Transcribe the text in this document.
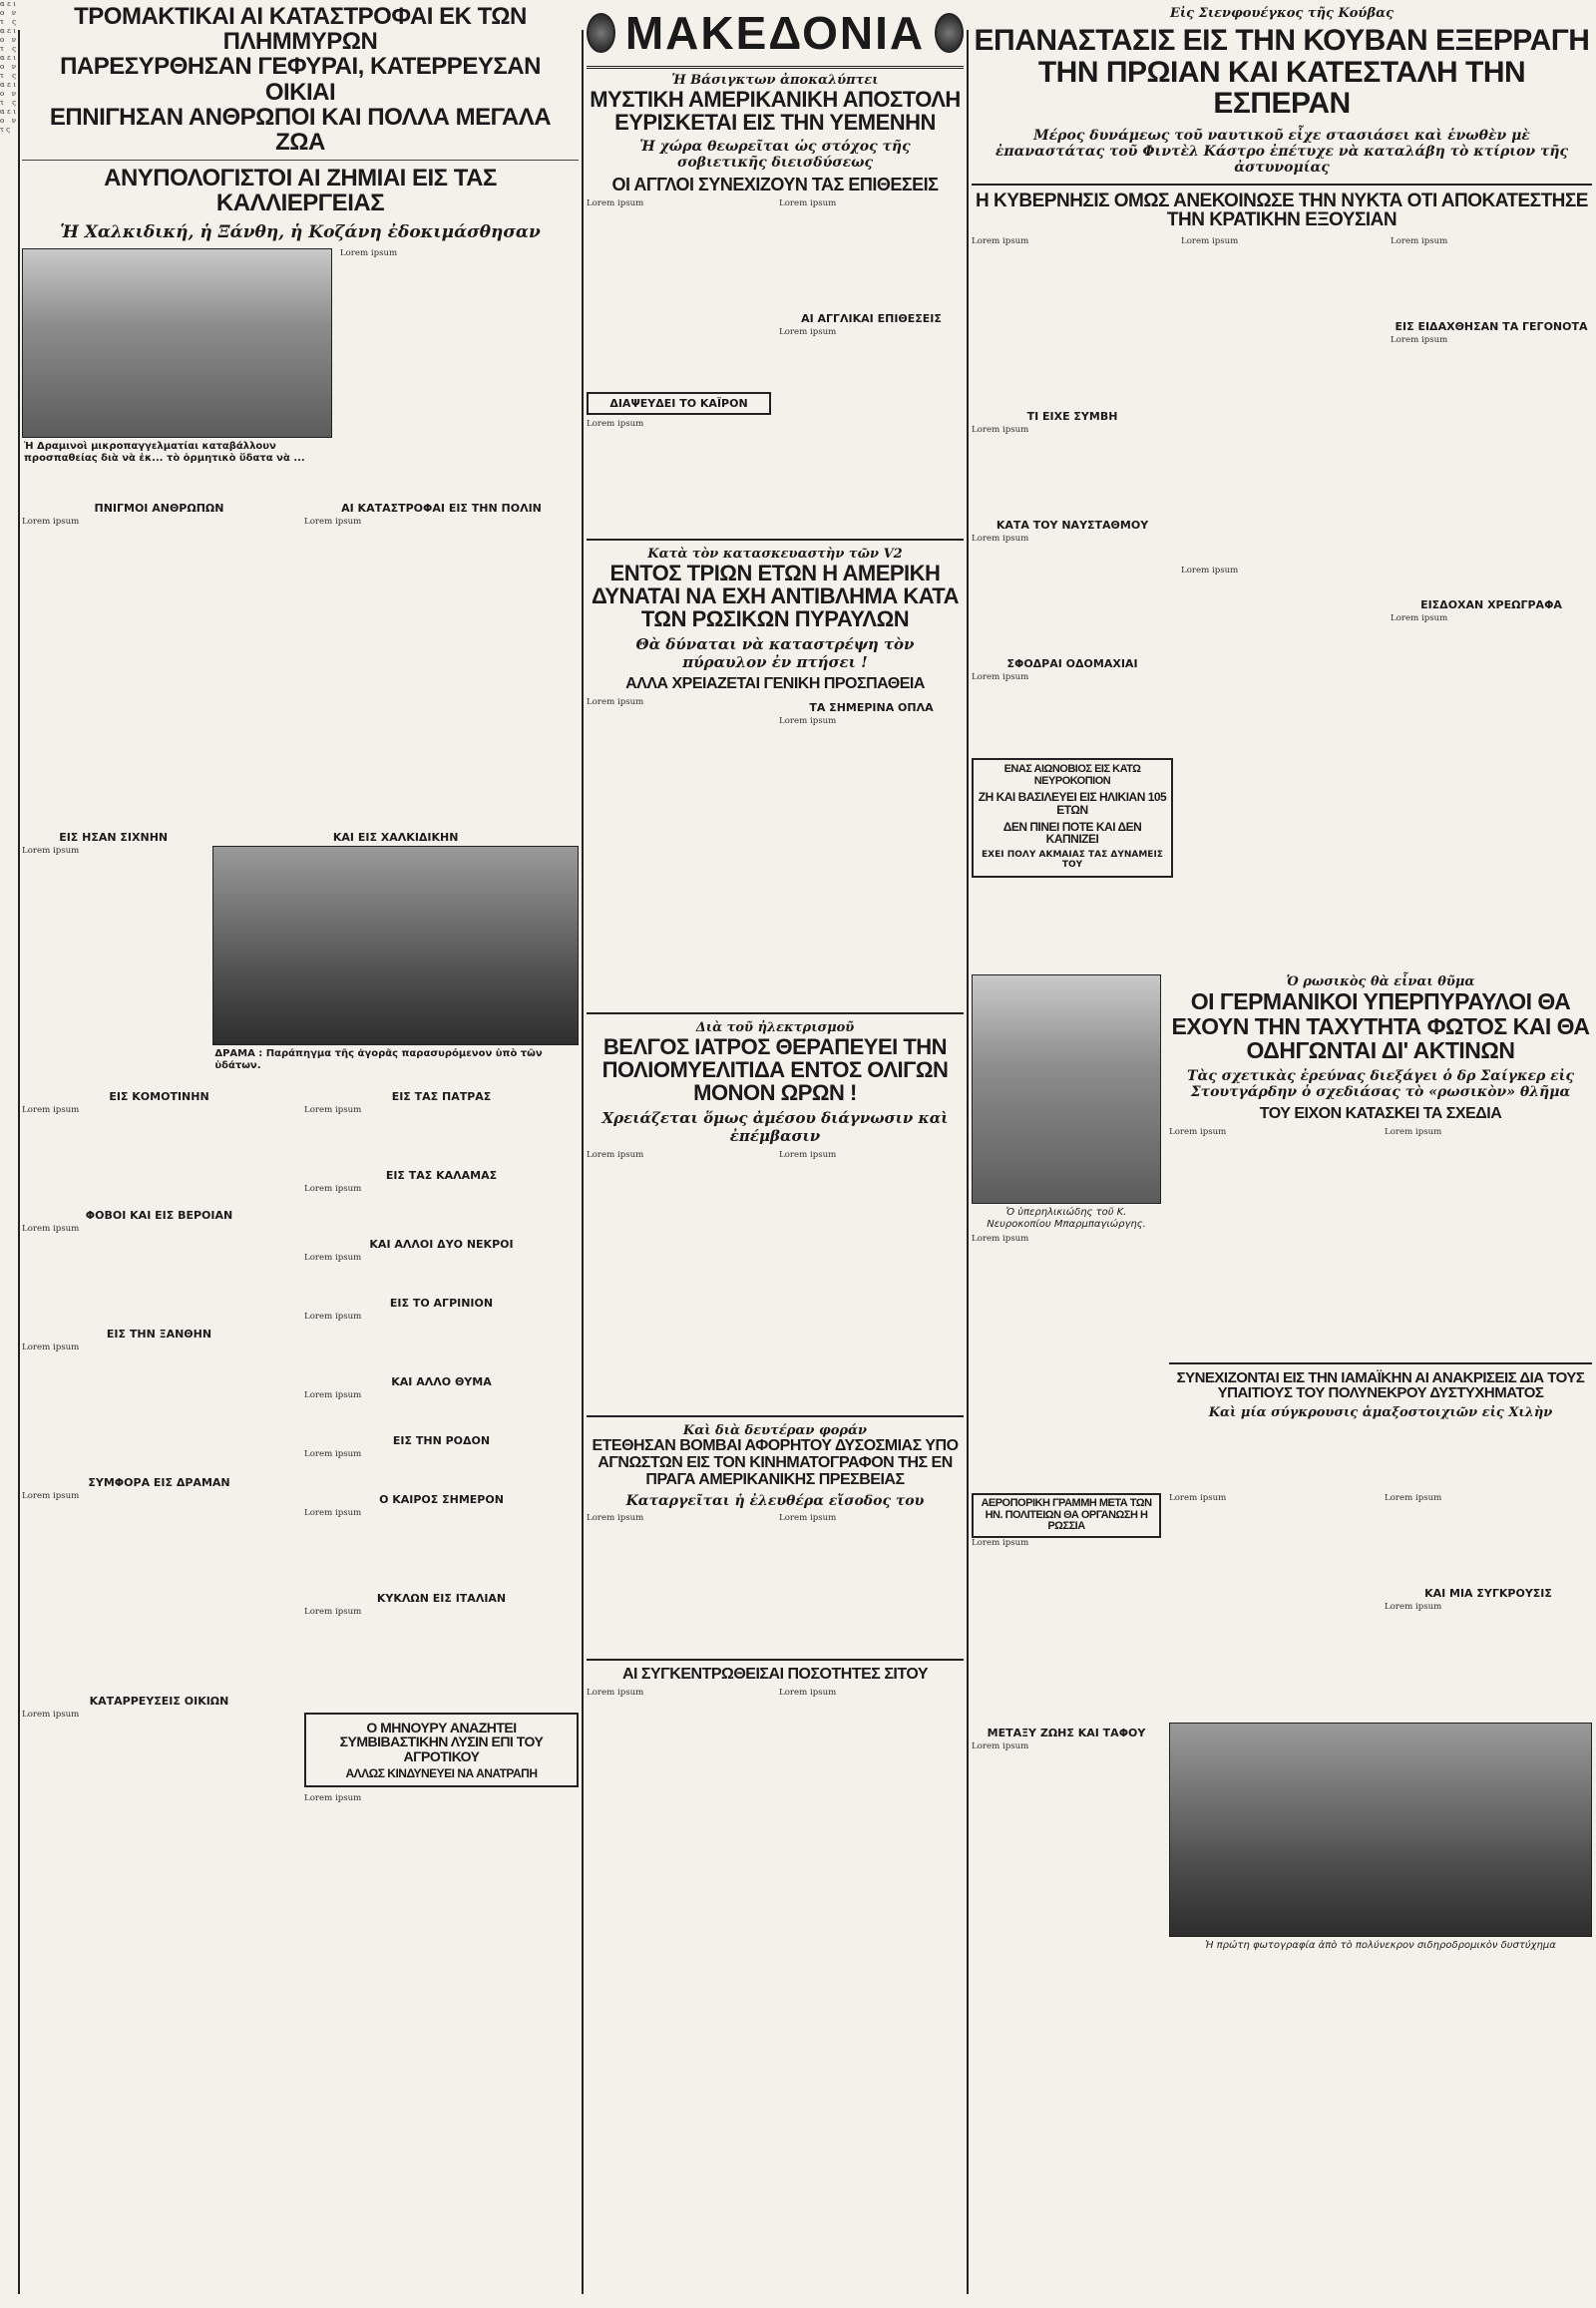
α ε ι ο ν τ ς α ε ι ο ν τ ς α ε ι ο ν τ ς α ε ι ο ν τ ς α ε ι ο ν τ ς
ΤΡΟΜΑΚΤΙΚΑΙ ΑΙ ΚΑΤΑΣΤΡΟΦΑΙ ΕΚ ΤΩΝ ΠΛΗΜΜΥΡΩΝ
ΠΑΡΕΣΥΡΘΗΣΑΝ ΓΕΦΥΡΑΙ, ΚΑΤΕΡΡΕΥΣΑΝ ΟΙΚΙΑΙ
ΕΠΝΙΓΗΣΑΝ ΑΝΘΡΩΠΟΙ ΚΑΙ ΠΟΛΛΑ ΜΕΓΑΛΑ ΖΩΑ
ΑΝΥΠΟΛΟΓΙΣΤΟΙ ΑΙ ΖΗΜΙΑΙ ΕΙΣ ΤΑΣ ΚΑΛΛΙΕΡΓΕΙΑΣ
Ἡ Χαλκιδική, ἡ Ξάνθη, ἡ Κοζάνη ἐδοκιμάσθησαν
Ἡ Δραμινοὶ μικροπαγγελματίαι καταβάλλουν προσπαθείας διὰ νὰ ἐκ... τὸ ὁρμητικὸ ὕδατα νὰ ...
Lorem ipsum
ΠΝΙΓΜΟΙ ΑΝΘΡΩΠΩΝ
Lorem ipsum
ΑΙ ΚΑΤΑΣΤΡΟΦΑΙ ΕΙΣ ΤΗΝ ΠΟΛΙΝ
Lorem ipsum
ΕΙΣ ΗΣΑΝ ΣΙΧΝΗΝ
Lorem ipsum
ΚΑΙ ΕΙΣ ΧΑΛΚΙΔΙΚΗΝ
ΔΡΑΜΑ : Παράπηγμα τῆς ἀγορᾶς παρασυρόμενον ὑπὸ τῶν ὑδάτων.
ΕΙΣ ΚΟΜΟΤΙΝΗΝ
Lorem ipsum
ΦΟΒΟΙ ΚΑΙ ΕΙΣ ΒΕΡΟΙΑΝ
Lorem ipsum
ΕΙΣ ΤΗΝ ΞΑΝΘΗΝ
Lorem ipsum
ΣΥΜΦΟΡΑ ΕΙΣ ΔΡΑΜΑΝ
Lorem ipsum
ΚΑΤΑΡΡΕΥΣΕΙΣ ΟΙΚΙΩΝ
Lorem ipsum
ΕΙΣ ΤΑΣ ΠΑΤΡΑΣ
Lorem ipsum
ΕΙΣ ΤΑΣ ΚΑΛΑΜΑΣ
Lorem ipsum
ΚΑΙ ΑΛΛΟΙ ΔΥΟ ΝΕΚΡΟΙ
Lorem ipsum
ΕΙΣ ΤΟ ΑΓΡΙΝΙΟΝ
Lorem ipsum
ΚΑΙ ΑΛΛΟ ΘΥΜΑ
Lorem ipsum
ΕΙΣ ΤΗΝ ΡΟΔΟΝ
Lorem ipsum
Ο ΚΑΙΡΟΣ ΣΗΜΕΡΟΝ
Lorem ipsum
ΚΥΚΛΩΝ ΕΙΣ ΙΤΑΛΙΑΝ
Lorem ipsum
Ο ΜΗΝΟΥΡΥ ΑΝΑΖΗΤΕΙ ΣΥΜΒΙΒΑΣΤΙΚΗΝ ΛΥΣΙΝ ΕΠΙ ΤΟΥ ΑΓΡΟΤΙΚΟΥ
ΑΛΛΩΣ ΚΙΝΔΥΝΕΥΕΙ ΝΑ ΑΝΑΤΡΑΠΗ
Lorem ipsum
ΜΑΚΕΔΟΝΙΑ
Ἡ Βάσιγκτων ἀποκαλύπτει
ΜΥΣΤΙΚΗ ΑΜΕΡΙΚΑΝΙΚΗ ΑΠΟΣΤΟΛΗ ΕΥΡΙΣΚΕΤΑΙ ΕΙΣ ΤΗΝ ΥΕΜΕΝΗΝ
Ἡ χώρα θεωρεῖται ὡς στόχος τῆς σοβιετικῆς διεισδύσεως
ΟΙ ΑΓΓΛΟΙ ΣΥΝΕΧΙΖΟΥΝ ΤΑΣ ΕΠΙΘΕΣΕΙΣ
Lorem ipsum
ΔΙΑΨΕΥΔΕΙ ΤΟ ΚΑΪΡΟΝ
Lorem ipsum
Lorem ipsum
ΑΙ ΑΓΓΛΙΚΑΙ ΕΠΙΘΕΣΕΙΣ
Lorem ipsum
Κατὰ τὸν κατασκευαστὴν τῶν V2
ΕΝΤΟΣ ΤΡΙΩΝ ΕΤΩΝ Η ΑΜΕΡΙΚΗ ΔΥΝΑΤΑΙ ΝΑ ΕΧΗ ΑΝΤΙΒΛΗΜΑ ΚΑΤΑ ΤΩΝ ΡΩΣΙΚΩΝ ΠΥΡΑΥΛΩΝ
Θὰ δύναται νὰ καταστρέψη τὸν πύραυλον ἐν πτήσει !
ΑΛΛΑ ΧΡΕΙΑΖΕΤΑΙ ΓΕΝΙΚΗ ΠΡΟΣΠΑΘΕΙΑ
Lorem ipsum	ΤΑ ΣΗΜΕΡΙΝΑ ΟΠΛΑ
Lorem ipsum
Διὰ τοῦ ἠλεκτρισμοῦ
ΒΕΛΓΟΣ ΙΑΤΡΟΣ ΘΕΡΑΠΕΥΕΙ ΤΗΝ ΠΟΛΙΟΜΥΕΛΙΤΙΔΑ ΕΝΤΟΣ ΟΛΙΓΩΝ ΜΟΝΟΝ ΩΡΩΝ !
Χρειάζεται ὅμως ἀμέσου διάγνωσιν καὶ ἐπέμβασιν
Lorem ipsum	Lorem ipsum
Καὶ διὰ δευτέραν φοράν
ΕΤΕΘΗΣΑΝ ΒΟΜΒΑΙ ΑΦΟΡΗΤΟΥ ΔΥΣΟΣΜΙΑΣ ΥΠΟ ΑΓΝΩΣΤΩΝ ΕΙΣ ΤΟΝ ΚΙΝΗΜΑΤΟΓΡΑΦΟΝ ΤΗΣ ΕΝ ΠΡΑΓΑ ΑΜΕΡΙΚΑΝΙΚΗΣ ΠΡΕΣΒΕΙΑΣ
Καταργεῖται ἡ ἐλευθέρα εἴσοδος του
Lorem ipsum	Lorem ipsum
ΑΙ ΣΥΓΚΕΝΤΡΩΘΕΙΣΑΙ ΠΟΣΟΤΗΤΕΣ ΣΙΤΟΥ
Lorem ipsum	Lorem ipsum
Εἰς Σιενφουέγκος τῆς Κούβας
ΕΠΑΝΑΣΤΑΣΙΣ ΕΙΣ ΤΗΝ ΚΟΥΒΑΝ ΕΞΕΡΡΑΓΗ ΤΗΝ ΠΡΩΙΑΝ ΚΑΙ ΚΑΤΕΣΤΑΛΗ ΤΗΝ ΕΣΠΕΡΑΝ
Μέρος δυνάμεως τοῦ ναυτικοῦ εἶχε στασιάσει καὶ ἑνωθὲν μὲ ἐπαναστάτας τοῦ Φιντὲλ Κάστρο ἐπέτυχε νὰ καταλάβη τὸ κτίριον τῆς ἀστυνομίας
Η ΚΥΒΕΡΝΗΣΙΣ ΟΜΩΣ ΑΝΕΚΟΙΝΩΣΕ ΤΗΝ ΝΥΚΤΑ ΟΤΙ ΑΠΟΚΑΤΕΣΤΗΣΕ ΤΗΝ ΚΡΑΤΙΚΗΝ ΕΞΟΥΣΙΑΝ
Lorem ipsum
ΤΙ ΕΙΧΕ ΣΥΜΒΗ
Lorem ipsum
ΚΑΤΑ ΤΟΥ ΝΑΥΣΤΑΘΜΟΥ
Lorem ipsum
ΣΦΟΔΡΑΙ ΟΔΟΜΑΧΙΑΙ
Lorem ipsum
ΕΝΑΣ ΑΙΩΝΟΒΙΟΣ ΕΙΣ ΚΑΤΩ ΝΕΥΡΟΚΟΠΙΟΝ
ΖΗ ΚΑΙ ΒΑΣΙΛΕΥΕΙ ΕΙΣ ΗΛΙΚΙΑΝ 105 ΕΤΩΝ
ΔΕΝ ΠΙΝΕΙ ΠΟΤΕ ΚΑΙ ΔΕΝ ΚΑΠΝΙΖΕΙ
ΕΧΕΙ ΠΟΛΥ ΑΚΜΑΙΑΣ ΤΑΣ ΔΥΝΑΜΕΙΣ ΤΟΥ
Lorem ipsum
Lorem ipsum
Lorem ipsum
ΕΙΣ ΕΙΔΑΧΘΗΣΑΝ ΤΑ ΓΕΓΟΝΟΤΑ
Lorem ipsum
ΕΙΣΔΟΧΑΝ ΧΡΕΩΓΡΑΦΑ
Lorem ipsum
Ὁ ὑπερηλικιώδης τοῦ Κ. Νευροκοπίου Μπαρμπαγιώργης.
Lorem ipsum
Ὁ ρωσικὸς θὰ εἶναι θῦμα
ΟΙ ΓΕΡΜΑΝΙΚΟΙ ΥΠΕΡΠΥΡΑΥΛΟΙ ΘΑ ΕΧΟΥΝ ΤΗΝ ΤΑΧΥΤΗΤΑ ΦΩΤΟΣ ΚΑΙ ΘΑ ΟΔΗΓΩΝΤΑΙ ΔΙ' ΑΚΤΙΝΩΝ
Τὰς σχετικὰς ἐρεύνας διεξάγει ὁ δρ Σαίγκερ εἰς Στουτγάρδην ὁ σχεδιάσας τὸ «ρωσικὸν» θλῆμα
ΤΟΥ ΕΙΧΟΝ ΚΑΤΑΣΚΕΙ ΤΑ ΣΧΕΔΙΑ
Lorem ipsum	Lorem ipsum
ΣΥΝΕΧΙΖΟΝΤΑΙ ΕΙΣ ΤΗΝ ΙΑΜΑΪΚΗΝ ΑΙ ΑΝΑΚΡΙΣΕΙΣ ΔΙΑ ΤΟΥΣ ΥΠΑΙΤΙΟΥΣ ΤΟΥ ΠΟΛΥΝΕΚΡΟΥ ΔΥΣΤΥΧΗΜΑΤΟΣ
Καὶ μία σύγκρουσις ἁμαξοστοιχιῶν εἰς Χιλὴν
ΑΕΡΟΠΟΡΙΚΗ ΓΡΑΜΜΗ ΜΕΤΑ ΤΩΝ ΗΝ. ΠΟΛΙΤΕΙΩΝ ΘΑ ΟΡΓΑΝΩΣΗ Η ΡΩΣΣΙΑ
Lorem ipsum
Lorem ipsum	Lorem ipsum
ΚΑΙ ΜΙΑ ΣΥΓΚΡΟΥΣΙΣ
Lorem ipsum
ΜΕΤΑΞΥ ΖΩΗΣ ΚΑΙ ΤΑΦΟΥ
Lorem ipsum
Ἡ πρώτη φωτογραφία ἀπὸ τὸ πολύνεκρον σιδηροδρομικὸν δυστύχημα
